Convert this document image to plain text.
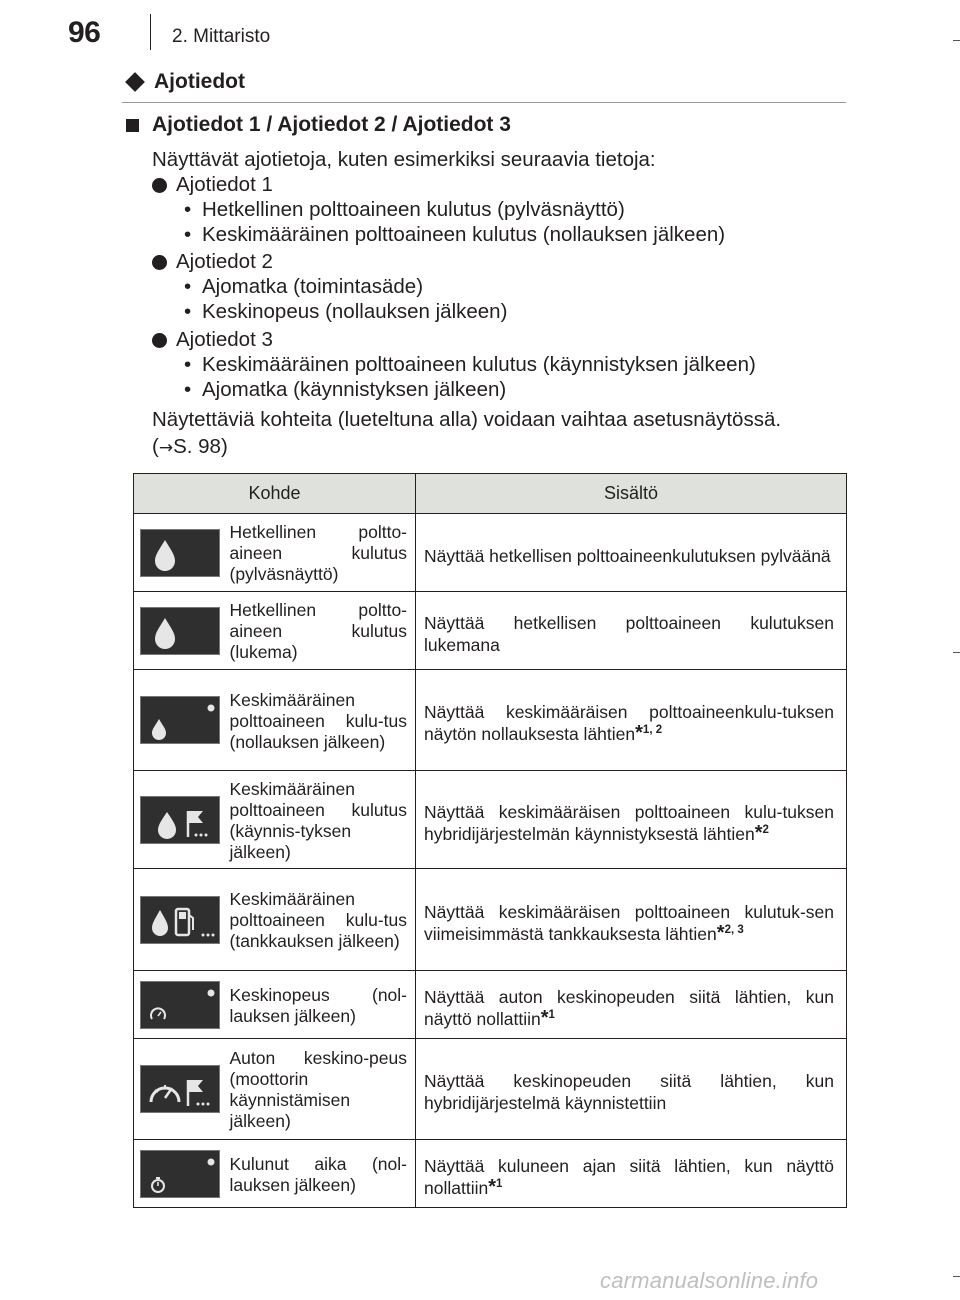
96	2. Mittaristo
Ajotiedot
Ajotiedot 1 / Ajotiedot 2 / Ajotiedot 3
Näyttävät ajotietoja, kuten esimerkiksi seuraavia tietoja:
Ajotiedot 1
• Hetkellinen polttoaineen kulutus (pylväsnäyttö)
• Keskimääräinen polttoaineen kulutus (nollauksen jälkeen)
Ajotiedot 2
• Ajomatka (toimintasäde)
• Keskinopeus (nollauksen jälkeen)
Ajotiedot 3
• Keskimääräinen polttoaineen kulutus (käynnistyksen jälkeen)
• Ajomatka (käynnistyksen jälkeen)
Näytettäviä kohteita (lueteltuna alla) voidaan vaihtaa asetusnäytössä.
(→S. 98)
Kohde		Sisältö

	Hetkellinen poltto-aineen kulutus (pylväsnäyttö)	Näyttää hetkellisen polttoaineenkulutuksen pylväänä

	Hetkellinen poltto-aineen kulutus (lukema)	Näyttää hetkellisen polttoaineen kulutuksen lukemana

	Keskimääräinen polttoaineen kulu-tus (nollauksen jälkeen)	Näyttää keskimääräisen polttoaineenkulu-tuksen näytön nollauksesta lähtien$^{*1, 2}$

	Keskimääräinen polttoaineen kulutus (käynnis-tyksen jälkeen)	Näyttää keskimääräisen polttoaineen kulu-tuksen hybridijärjestelmän käynnistyksestä lähtien$^{*2}$

	Keskimääräinen polttoaineen kulu-tus (tankkauksen jälkeen)	Näyttää keskimääräisen polttoaineen kulutuk-sen viimeisimmästä tankkauksesta lähtien$^{*2, 3}$

	Keskinopeus (nol-lauksen jälkeen)	Näyttää auton keskinopeuden siitä lähtien, kun näyttö nollattiin$^{*1}$

	Auton keskino-peus (moottorin käynnistämisen jälkeen)	Näyttää keskinopeuden siitä lähtien, kun hybridijärjestelmä käynnistettiin

	Kulunut aika (nol-lauksen jälkeen)	Näyttää kuluneen ajan siitä lähtien, kun näyttö nollattiin$^{*1}$
carmanualsonline.info
